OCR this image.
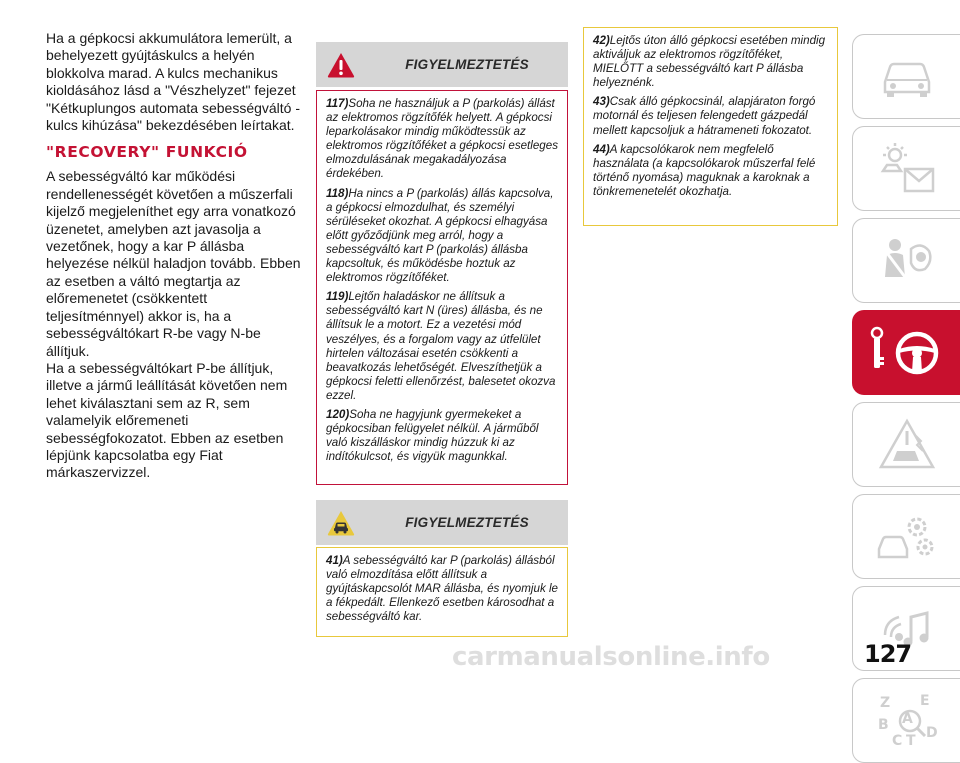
Ha a gépkocsi akkumulátora lemerült, a behelyezett gyújtáskulcs a helyén blokkolva marad. A kulcs mechanikus kioldásához lásd a "Vészhelyzet" fejezet "Kétkuplungos automata sebességváltó - kulcs kihúzása" bekezdésében leírtakat.

"RECOVERY" FUNKCIÓ

A sebességváltó kar működési rendellenességét követően a műszerfali kijelző megjeleníthet egy arra vonatkozó üzenetet, amelyben azt javasolja a vezetőnek, hogy a kar P állásba helyezése nélkül haladjon tovább. Ebben az esetben a váltó megtartja az előremenetet (csökkentett teljesítménnyel) akkor is, ha a sebességváltókart R-be vagy N-be állítjuk.

Ha a sebességváltókart P-be állítjuk, illetve a jármű leállítását követően nem lehet kiválasztani sem az R, sem valamelyik előremeneti sebességfokozatot. Ebben az esetben lépjünk kapcsolatba egy Fiat márkaszervizzel.

FIGYELMEZTETÉS

117)Soha ne használjuk a P (parkolás) állást az elektromos rögzítőfék helyett. A gépkocsi leparkolásakor mindig működtessük az elektromos rögzítőféket a gépkocsi esetleges elmozdulásának megakadályozása érdekében.

118)Ha nincs a P (parkolás) állás kapcsolva, a gépkocsi elmozdulhat, és személyi sérüléseket okozhat. A gépkocsi elhagyása előtt győződjünk meg arról, hogy a sebességváltó kart P (parkolás) állásba kapcsoltuk, és működésbe hoztuk az elektromos rögzítőféket.

119)Lejtőn haladáskor ne állítsuk a sebességváltó kart N (üres) állásba, és ne állítsuk le a motort. Ez a vezetési mód veszélyes, és a forgalom vagy az útfelület hirtelen változásai esetén csökkenti a beavatkozás lehetőségét. Elveszíthetjük a gépkocsi feletti ellenőrzést, balesetet okozva ezzel.

120)Soha ne hagyjunk gyermekeket a gépkocsiban felügyelet nélkül. A járműből való kiszálláskor mindig húzzuk ki az indítókulcsot, és vigyük magunkkal.

FIGYELMEZTETÉS

41)A sebességváltó kar P (parkolás) állásból való elmozdítása előtt állítsuk a gyújtáskapcsolót MAR állásba, és nyomjuk le a fékpedált. Ellenkező esetben károsodhat a sebességváltó kar.

42)Lejtős úton álló gépkocsi esetében mindig aktiváljuk az elektromos rögzítőféket, MIELŐTT a sebességváltó kart P állásba helyeznénk.

43)Csak álló gépkocsinál, alapjáraton forgó motornál és teljesen felengedett gázpedál mellett kapcsoljuk a hátrameneti fokozatot.

44)A kapcsolókarok nem megfelelő használata (a kapcsolókarok műszerfal felé történő nyomása) maguknak a karoknak a tönkremenetelét okozhatja.

Z E
B A
C T D
carmanualsonline.info	127
